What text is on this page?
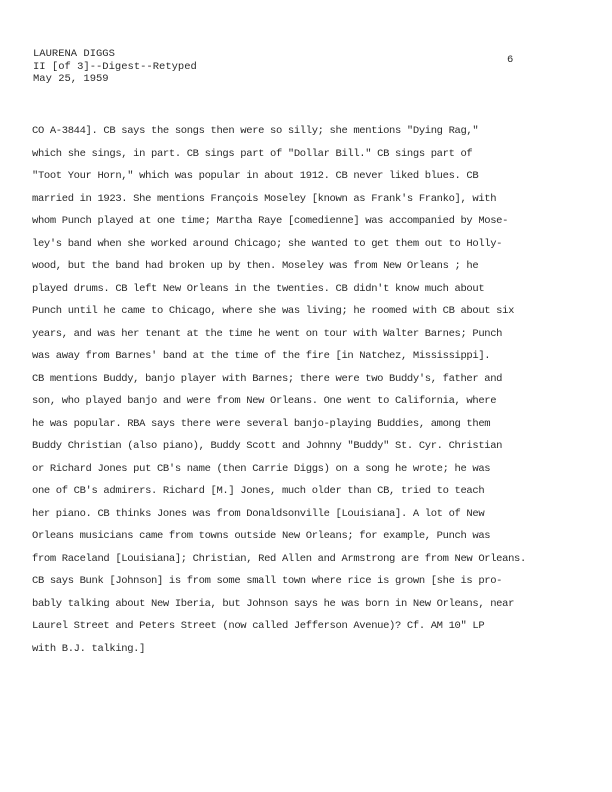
LAURENA DIGGS
II [of 3]--Digest--Retyped
May 25, 1959
6
CO A-3844]. CB says the songs then were so silly; she mentions "Dying Rag,"
which she sings, in part. CB sings part of "Dollar Bill." CB sings part of
"Toot Your Horn," which was popular in about 1912. CB never liked blues. CB
married in 1923. She mentions François Moseley [known as Frank's Franko], with
whom Punch played at one time; Martha Raye [comedienne] was accompanied by Mose-
ley's band when she worked around Chicago; she wanted to get them out to Holly-
wood, but the band had broken up by then. Moseley was from New Orleans ; he
played drums. CB left New Orleans in the twenties. CB didn't know much about
Punch until he came to Chicago, where she was living; he roomed with CB about six
years, and was her tenant at the time he went on tour with Walter Barnes; Punch
was away from Barnes' band at the time of the fire [in Natchez, Mississippi].
CB mentions Buddy, banjo player with Barnes; there were two Buddy's, father and
son, who played banjo and were from New Orleans. One went to California, where
he was popular. RBA says there were several banjo-playing Buddies, among them
Buddy Christian (also piano), Buddy Scott and Johnny "Buddy" St. Cyr. Christian
or Richard Jones put CB's name (then Carrie Diggs) on a song he wrote; he was
one of CB's admirers. Richard [M.] Jones, much older than CB, tried to teach
her piano. CB thinks Jones was from Donaldsonville [Louisiana]. A lot of New
Orleans musicians came from towns outside New Orleans; for example, Punch was
from Raceland [Louisiana]; Christian, Red Allen and Armstrong are from New Orleans.
CB says Bunk [Johnson] is from some small town where rice is grown [she is pro-
bably talking about New Iberia, but Johnson says he was born in New Orleans, near
Laurel Street and Peters Street (now called Jefferson Avenue)? Cf. AM 10" LP
with B.J. talking.]
